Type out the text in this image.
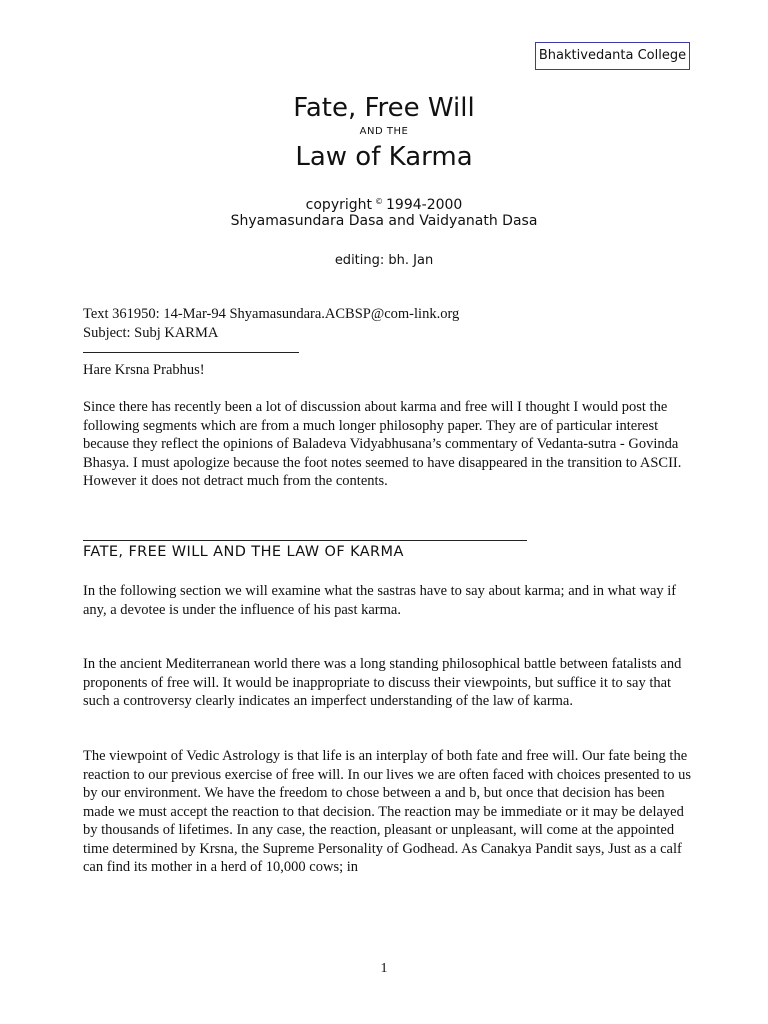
Bhaktivedanta College
Fate, Free Will
AND THE
Law of Karma
copyright © 1994-2000
Shyamasundara Dasa and Vaidyanath Dasa
editing: bh. Jan

Text 361950: 14-Mar-94 Shyamasundara.ACBSP@com-link.org

Subject: Subj KARMA

Hare Krsna Prabhus!

Since there has recently been a lot of discussion about karma and free will I thought I would post the following segments which are from a much longer philosophy paper. They are of particular interest because they reflect the opinions of Baladeva Vidyabhusana’s commentary of Vedanta-sutra - Govinda Bhasya. I must apologize because the foot notes seemed to have disappeared in the transition to ASCII. However it does not detract much from the contents.

FATE, FREE WILL AND THE LAW OF KARMA

In the following section we will examine what the sastras have to say about karma; and in what way if any, a devotee is under the influence of his past karma.

In the ancient Mediterranean world there was a long standing philosophical battle between fatalists and proponents of free will. It would be inappropriate to discuss their viewpoints, but suffice it to say that such a controversy clearly indicates an imperfect understanding of the law of karma.

The viewpoint of Vedic Astrology is that life is an interplay of both fate and free will. Our fate being the reaction to our previous exercise of free will. In our lives we are often faced with choices presented to us by our environment. We have the freedom to chose between a and b, but once that decision has been made we must accept the reaction to that decision. The reaction may be immediate or it may be delayed by thousands of lifetimes. In any case, the reaction, pleasant or unpleasant, will come at the appointed time determined by Krsna, the Supreme Personality of Godhead. As Canakya Pandit says, Just as a calf can find its mother in a herd of 10,000 cows; in

1
